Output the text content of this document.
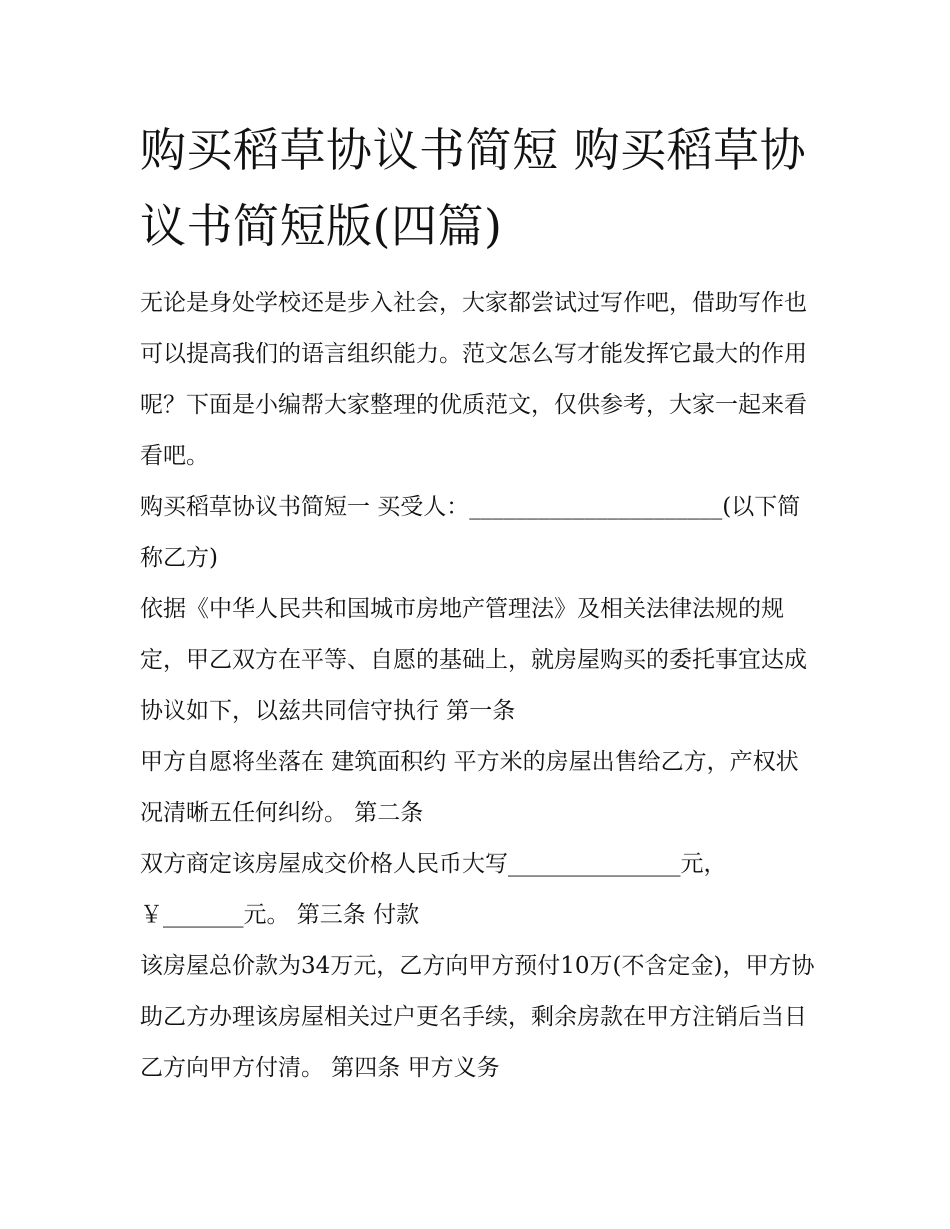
购买稻草协议书简短 购买稻草协议书简短版(四篇)

无论是身处学校还是步入社会，大家都尝试过写作吧，借助写作也可以提高我们的语言组织能力。范文怎么写才能发挥它最大的作用呢？下面是小编帮大家整理的优质范文，仅供参考，大家一起来看看吧。

购买稻草协议书简短一 买受人：______________________(以下简称乙方)

依据《中华人民共和国城市房地产管理法》及相关法律法规的规定，甲乙双方在平等、自愿的基础上，就房屋购买的委托事宜达成协议如下，以兹共同信守执行 第一条

甲方自愿将坐落在 建筑面积约 平方米的房屋出售给乙方，产权状况清晰五任何纠纷。 第二条

双方商定该房屋成交价格人民币大写_______________元，￥_______元。 第三条 付款

该房屋总价款为34万元，乙方向甲方预付10万(不含定金)，甲方协助乙方办理该房屋相关过户更名手续，剩余房款在甲方注销后当日乙方向甲方付清。 第四条 甲方义务
